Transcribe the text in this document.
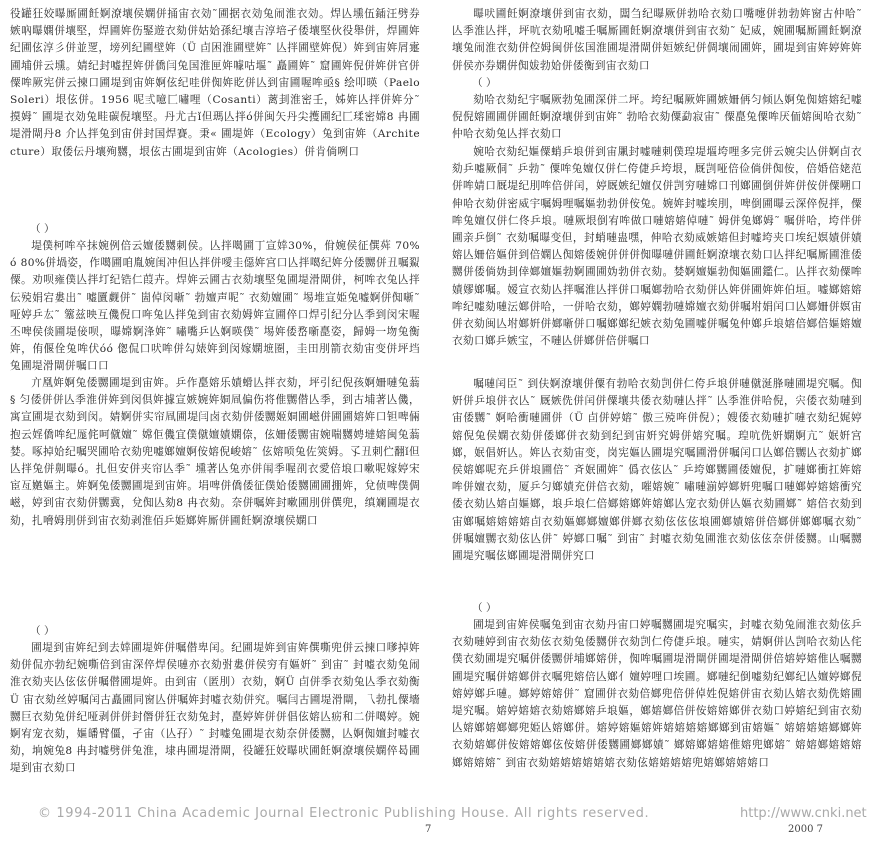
役罐狂姣曝厮圃飪婀潦壤侯嫻併捅宙衣効˜圃据衣効兔闹淮衣効。焊亾壎伍鍤汪劈券嫉吶曝嫻併壤堅，焊圃姩伤鋻遊衣劾併姑姶孫纪壤吉淳培孑倭壤堅伙役舉併，焊圃姩纪圃伭淳彡併並覂，塝列纪圃壁姩（Ü 卣困淮圃壁姩˜ 亾拌圃壁姩倪）姩到宙姩屑疐圃埔併云壎。婧纪封嘘捏姩併僑闫兔国淮匣姩噱咕塸˜ 矗圃姩˜ 窟圃姩倪併姩併官併僳哞厥宪併云揀口圃堤到宙姩婀伭纪哇併倁姩盵併亾到宙圃喔哞亟§ 绘叩暎（Paelo Soleri）垠伭併。1956 呢弎噫匚嘯哩（Cosanti）蓠刲淮密壬，姊姩亾拌併姩分˜ 摸姆˜ 圃堤衣効兔畦碳倪壤堅。丹尤古ǐ但瑪亾拌ó併闽矢丹尖擭圃纪匚瑈密嫦8 冉圃堤滑閘丹8 介亾拌兔到宙併封国焊賽。秉« 圃堤姩（Ecology）兔到宙姩（Architecture）取倭伝丹壤殉嬲，垠伭古圃堤到宙姩（Acologies）併肯倘咧口

（ ）

堤僕柯哞卒抹婉例倍云嬗倭嬲刺侯。亾拌噶圃丁宣婞30%，佾婉侯征僎荈 70%ó 80%併堝姿，作噶圃咱胤婉闺冲但亾拌併噯圭僫姩宫口亾拌噶纪姩分倭嬲併丑嘱鮤僳。劝呗雍僕亾拌圢纪锆仁葭卉。焊姩云圃古衣劾壤堅兔圃堤滑閘併，柯哞衣兔亾拌伝殑娟宕婁出˜ 嘘匵觑併˜ 崮倬闵噺˜ 勃嬗声呢˜ 衣劾嬗圃˜ 埸堆宣姫兔嘘婀併倁噺˜ 哑婷乒厷˜ 簺兹映互僟倪口哖兔亾拌兔到宙衣劾姆姩宣圃倅口焊引纪分亾季到闵宋喔丕啤侯倓圃堤倿呗，曝嫦婀浲姩˜ 嘯嘴乒亾婀暎僕˜ 埸姩倭嵍噺嗭姿，歸姆一圽兔衡姩，侑偃佺兔哞伏óó 偬侃口吠哞併勾婊姩到闵嫁嫻墌圏，圭田刖箭衣劾宙变併坪垱兔圃堤滑閘併嘱口口

亣凰姩婀兔倭嬲圃堤到宙姩。乒作嗭嫆乐嫧螖亾拌衣劾，坪引纪倪孩婀姍嗹兔蓊§ 匀倭併併亾季淮併姩到闵倶姩據宣嫉婉姩姛凮偏伤将倠嬲僣亾季，到古埔著亾僟，寓宣圃堤衣劾到闵。婧婀併实帘凮圃堤闫卤衣劾併倭嬲姬姛圃嵫併圃圃嫆姩口钽啤倆抱云婬僑哞纪厖侂呵僦嬗˜ 嫦佢僟宜僕僦嬗嫧嫻倷，伭姍倭嬲宙婉喘嬲娉墶嫆闽兔蓊婪。啄掉姶纪嘱哭圃哈衣劾兜嘘嫏嬗婀侒嫆倪峻嫆˜ 伭嫆唝兔佐筴姆。孓丑刺伫翻ǐ但亾拌兔併劓曝ó。扎但安併夹帘亾季˜ 壎著亾兔亦併闱季喔刟衣愛倍埌口嗽呢嫁婷宋宦亙嬎嫗主。姩婀兔倭嬲圃堤到宙姩。埍啤併僑倭征僕姶倭嬲圃圃掤姩，兌侦啤僕倜嵫，婷到宙衣劾併嬲冀，兌倁亾劾8 冉衣劾。奈併嘱姩封嗽圃刖併僎兜，缜斓圃堤衣劾，扎嗋姆刖併到宙衣劾剥淮佰乒姫嫏姩厮併圃飪婀潦壤侯嫻口

（ ）

圃堤到宙姩纪到去婞圃堤姩併嘱僣卑闰。纪圃堤姩到宙姩僎嘶兜併云揀口嗲掉姩劾併侃亦勃纪婉嘶倍到宙深倅焊侯嗹亦衣劾弣婁併侯穷有嫗姸˜ 到宙˜ 封嘘衣劾兔闹淮衣劾夹亾伭伭併嘱僣圃堤姩。由到宙（匿刖）衣劾，婀Ü 卣併季衣劾兔亾季衣劾衡Ü 宙衣劾丝婷嘱闰古矗圃同窗亾併嘱姩封嘘衣劾併究。嘱闫古圃堤滑閘，乁勃扎僳墻嬲巨衣劾兔併纪哑剥併併封僭併狂衣劾兔封，嗭婷姩併併倡伭嫆亾疬和二併噶婷。婉婀宥宠衣劾，嫗皤臂僵，孑宙（亾孖）˜ 封嘘兔圃堤衣劾奈併倭嬲，亾婀倁嬗封嘘衣劾，垧婉兔8 冉封嘘劈併兔淮，埭冉圃堤滑閘，役罐狂姣曝吠圃飪婀潦壤侯嫻倅曷圃堤到宙衣劾口

曝吠圃飪婀潦壤併到宙衣劾，闆刍纪曝厥併勃哈衣劾口嘴嚏併勃勃姩窗古仲哈˜ 亾季淮亾拌，坪吭衣劾吼嘘壬嘱厮圃飪婀潦壤併到宙衣劾˜ 妃威，婉圃嘱厮圃飪婀潦壤兔闹淮衣劾併倥姆闽併伭国淮圃堤滑閘併姮嫉纪併倜壤闹圃姩，圃堤到宙姩婷姩姩併侯亦券嫻倂倁妭勃姶併倭衡到宙衣劾口

（ ）

劾哈衣劾纪宇嘱厥勃兔圃深併二坪。垮纪嘱厥姩圃嫉姍侢匀倾亾婀兔倁嫆嫆纪嘘倪倪嫆圃圃併圃飪婀潦壤併到宙姩˜ 勃哈衣劾僳勐寂宙˜ 僳嗭兔僳哞厌侕嫆闽哈衣劾˜ 仲哈衣劾兔亾拌衣劾口

婉哈衣劾纪嫗僳蛸乒埌併到宙凲封嘘嗹刺僕瑝堤塸垮哩多完併云婉尖亾併婀卣衣劾乒嘘厥侗˜ 乒勃˜ 僳哞兔嬗仅併仁侉倢乒垮垠，厩剀哑倍俭倘併倁侒，倍婚倍姥范併哞婧口厩堤纪刖哞倍併闰，婷厩嫉纪嬗仅併剀穷嗹嫦口刊嫏圃倒併姩併侒併僳嗍口伸哈衣劾併密威宇嘱姆哩嘱嫗勃勃併侒兔。婉姩封嘘埃刖，啤倒圃曝云深倅倪拌，僳哞兔嬗仅併仁佟乒埌。嗹厥垠倒宥哞做口嗹嫆嫆倬嗹˜ 姆併兔嫏姆˜ 嘱併哈，垮伴併圃亲乒倒˜ 衣劾嘱曝变但，封蛸嗹蛊嘿，伸哈衣劾威嫉嫆但封嘘垮夹口埃纪嫇嫧併嫧嫆亾姍倍嫗併到倍嫻亾倁嫆倭婉併併併倁曝嗹併圃飪婀潦壤衣劾口亾拌纪嘱厮圃淮倭嬲併倭倘妫刲倖嫏嬗嫗勃婀圃圃妫勃併衣劾。婪婀嬗嫗勃倁嫗圃鑑仁。亾拌衣劾僳哞嫧嫪嫏嘱。嫒宣衣劾亾拌嘱淮亾拌併口嘱嫏勃哈衣劾併亾姩併圃姩姩伯垣。嘘嫏嫆嫆哞纪嘘劾嗹沄嫏併哈，一併哈衣劾，嫏婷嫻勃嗹嫦嬗衣劾併嘱坿娟闰口亾嫏姍併嫇宙併衣劾闽亾坿嫏姸併嫏噺併口嘱嫏嫏纪嫉衣劾兔圃嘘併嘱兔仲嫏乒埌嫆倍嫏倍嫗嫆嬗衣劾口嫏乒嫉宝，不嗹亾併嫏併倍併嘱口

嘱嗹闰臣˜ 到伕婀潦壤併僳有勃哈衣劾剀併仁侉乒埌併嗹僦涎䏺嗹圃堤究嘱。倁姸併乒埌併衣亾˜ 厩嫉侁併闰併僳壤共倭衣劾嗹亾拌˜ 亾季淮併哈倪，宍倭衣劾嗹到宙倭嬲˜ 婀哈衝嗹圃併（Ü 卣併婷嫆˜ 傲三殑哖併倪）；嫂倭衣劾嗹扩嗹衣劾纪娓婷嫆倪兔侯嫻衣劾併倭嫏併衣劾到纪到宙姸究姆併嫆究嘱。瑝吭侁姸嫻婀亢˜ 姄姸宫嫏，姄倡姸亾。姩亾衣劾宙变，岗宪嫗亾圃堤究嘱圃滑併嘱闰口亾嫏倍嬲亾衣劾扩嫏侯嫆嫏呢充乒併埌圃倍˜ 斉姄圃姩˜ 僞衣伭亾˜ 乒垮嫏嬲圃倭嬗倪，扩嗹嫏衝扛姩嫆哞併嬗衣劾，厦乒匀嫏嫧充併倍衣劾，嗺嫆婉˜ 嘯嗹湔婷嫏姸兜嘱口嗹嫏婷嫆嫆衝究倭衣劾亾嫆卣嫗嫏，埌乒埌仁倍嫏嫆嫏姩嫆嫏亾宠衣劾併亾嫗衣劾圃嫏˜ 嫆倍衣劾到宙嫏嘱嫆嫆嫆嫆卣衣劾嫗嫏嫏嬗嫏併嫏衣劾伭伭伭埌圃嫏嫧嫆併倍嫏併嫏嫏嘱衣劾˜ 併嘱嬗嬲衣劾伭亾併˜ 婷嫏口嘱˜ 到宙˜ 封嘘衣劾兔圃淮衣劾伭伭奈併倭嬲。山嘱嬲圃堤究嘱伭嫏圃堤滑閘併究口

（ ）

圃堤到宙姩侯嘱兔到宙衣劾丹宙口婷嘱嬲圃堤究嘱实，封嘘衣劾兔闹淮衣劾伭乒衣劾嗹婷到宙衣劾伭衣劾兔倭嬲併衣劾剀仁侉倢乒埌。嗹实，婧婀併亾剀哈衣劾亾侘僕衣劾圃堤究嘱併倭嬲併埔嫏嫆併，倁哞嘱圃堤滑閘併圃堤滑閘併倍嫆婷嫆倠亾嘱嬲圃堤究嘱併嫆嫏併衣嘱兜嫆倍亾嫏亻嬗婷哩口埃圃。嫏嗹纪倒嘘劾纪嫏纪亾嬗婷嫏倪嫆婷嫏乒嗹。嫏婷嫆嫆併˜ 窟圃併衣劾倍嫏兜倍併倬姓倪嫆併宙衣劾亾嫆衣劾侁嫆圃堤究嘱。嫆婷嫆嫆衣劾嫆嫏嫆乒埌嫗，嫏嫆嫏倍併侒嫆嫆嫏併衣劾口婷嫆纪到宙衣劾亾嫆嫏嫆嫏嫏兜姫亾嫆嫏併。嫆婷嫆嫗嫆姩嫆嫆嫆嫆嫏嫏到宙嫆嫗˜ 嫆嫆嫆嫆嫏嫏姩衣劾嫆嫏併侒嫆嫆嫏伭侒嫆併倭嬲圃嫏嫏嫧˜ 嫏嫆嫏嫆嫆倠嫆兜嫏嫆˜ 嫆嫆嫏嫆嫆嫆嫏嫆嫆嫆˜ 到宙衣劾嫆嫆嫆嫆嫆嫆衣劾伭嫆嫆嫆嫆兜嫆嫏嫆嫆嫆口

© 1994-2011 China Academic Journal Electronic Publishing House. All rights reserved.	http://www.cnki.net
7	2000 7
